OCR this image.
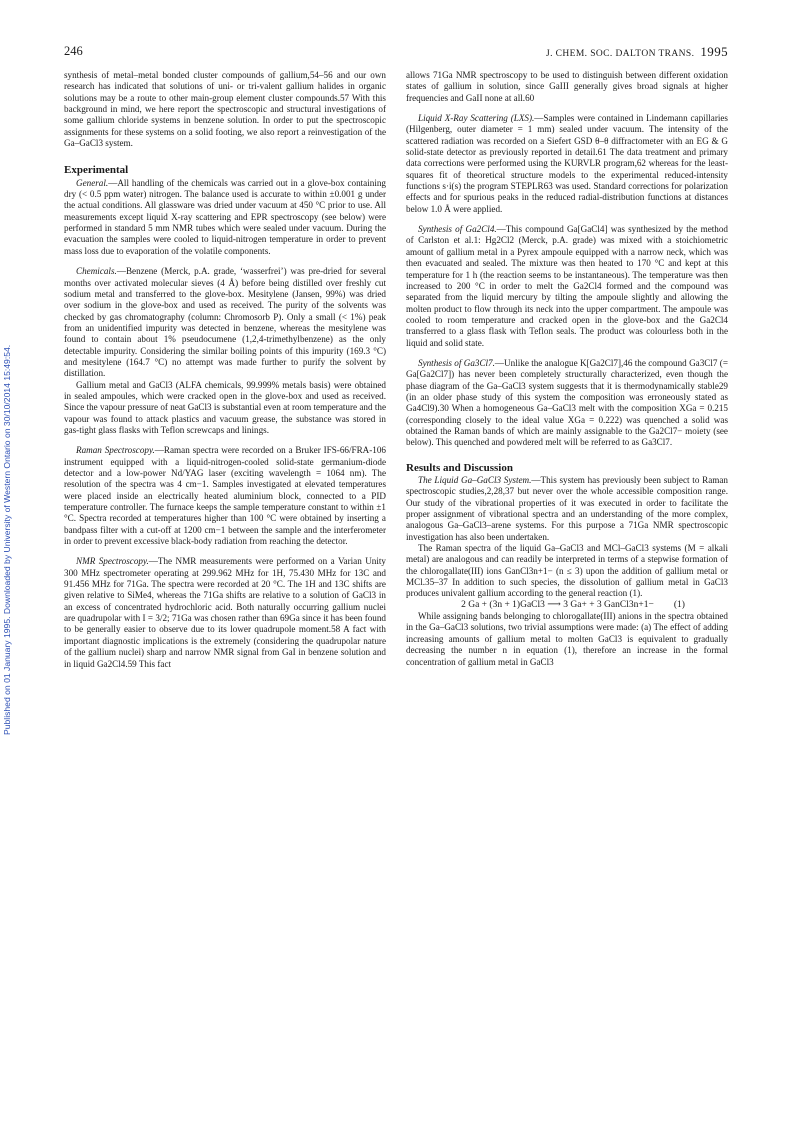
246	J. CHEM. SOC. DALTON TRANS. 1995
Published on 01 January 1995. Downloaded by University of Western Ontario on 30/10/2014 15:49:54.

synthesis of metal–metal bonded cluster compounds of gallium,54–56 and our own research has indicated that solutions of uni- or tri-valent gallium halides in organic solutions may be a route to other main-group element cluster compounds.57 With this background in mind, we here report the spectroscopic and structural investigations of some gallium chloride systems in benzene solution. In order to put the spectroscopic assignments for these systems on a solid footing, we also report a reinvestigation of the Ga–GaCl3 system.

Experimental

General.—All handling of the chemicals was carried out in a glove-box containing dry (< 0.5 ppm water) nitrogen. The balance used is accurate to within ±0.001 g under the actual conditions. All glassware was dried under vacuum at 450 °C prior to use. All measurements except liquid X-ray scattering and EPR spectroscopy (see below) were performed in standard 5 mm NMR tubes which were sealed under vacuum. During the evacuation the samples were cooled to liquid-nitrogen temperature in order to prevent mass loss due to evaporation of the volatile components.

Chemicals.—Benzene (Merck, p.A. grade, ‘wasserfrei’) was pre-dried for several months over activated molecular sieves (4 Å) before being distilled over freshly cut sodium metal and transferred to the glove-box. Mesitylene (Jansen, 99%) was dried over sodium in the glove-box and used as received. The purity of the solvents was checked by gas chromatography (column: Chromosorb P). Only a small (< 1%) peak from an unidentified impurity was detected in benzene, whereas the mesitylene was found to contain about 1% pseudocumene (1,2,4-trimethylbenzene) as the only detectable impurity. Considering the similar boiling points of this impurity (169.3 °C) and mesitylene (164.7 °C) no attempt was made further to purify the solvent by distillation.

Gallium metal and GaCl3 (ALFA chemicals, 99.999% metals basis) were obtained in sealed ampoules, which were cracked open in the glove-box and used as received. Since the vapour pressure of neat GaCl3 is substantial even at room temperature and the vapour was found to attack plastics and vacuum grease, the substance was stored in gas-tight glass flasks with Teflon screwcaps and linings.

Raman Spectroscopy.—Raman spectra were recorded on a Bruker IFS-66/FRA-106 instrument equipped with a liquid-nitrogen-cooled solid-state germanium-diode detector and a low-power Nd/YAG laser (exciting wavelength = 1064 nm). The resolution of the spectra was 4 cm−1. Samples investigated at elevated temperatures were placed inside an electrically heated aluminium block, connected to a PID temperature controller. The furnace keeps the sample temperature constant to within ±1 °C. Spectra recorded at temperatures higher than 100 °C were obtained by inserting a bandpass filter with a cut-off at 1200 cm−1 between the sample and the interferometer in order to prevent excessive black-body radiation from reaching the detector.

NMR Spectroscopy.—The NMR measurements were performed on a Varian Unity 300 MHz spectrometer operating at 299.962 MHz for 1H, 75.430 MHz for 13C and 91.456 MHz for 71Ga. The spectra were recorded at 20 °C. The 1H and 13C shifts are given relative to SiMe4, whereas the 71Ga shifts are relative to a solution of GaCl3 in an excess of concentrated hydrochloric acid. Both naturally occurring gallium nuclei are quadrupolar with I = 3/2; 71Ga was chosen rather than 69Ga since it has been found to be generally easier to observe due to its lower quadrupole moment.58 A fact with important diagnostic implications is the extremely (considering the quadrupolar nature of the gallium nuclei) sharp and narrow NMR signal from GaI in benzene solution and in liquid Ga2Cl4.59 This fact

allows 71Ga NMR spectroscopy to be used to distinguish between different oxidation states of gallium in solution, since GaIII generally gives broad signals at higher frequencies and GaII none at all.60

Liquid X-Ray Scattering (LXS).—Samples were contained in Lindemann capillaries (Hilgenberg, outer diameter = 1 mm) sealed under vacuum. The intensity of the scattered radiation was recorded on a Siefert GSD θ–θ diffractometer with an EG & G solid-state detector as previously reported in detail.61 The data treatment and primary data corrections were performed using the KURVLR program,62 whereas for the least-squares fit of theoretical structure models to the experimental reduced-intensity functions s·i(s) the program STEPLR63 was used. Standard corrections for polarization effects and for spurious peaks in the reduced radial-distribution functions at distances below 1.0 Å were applied.

Synthesis of Ga2Cl4.—This compound Ga[GaCl4] was synthesized by the method of Carlston et al.1: Hg2Cl2 (Merck, p.A. grade) was mixed with a stoichiometric amount of gallium metal in a Pyrex ampoule equipped with a narrow neck, which was then evacuated and sealed. The mixture was then heated to 170 °C and kept at this temperature for 1 h (the reaction seems to be instantaneous). The temperature was then increased to 200 °C in order to melt the Ga2Cl4 formed and the compound was separated from the liquid mercury by tilting the ampoule slightly and allowing the molten product to flow through its neck into the upper compartment. The ampoule was cooled to room temperature and cracked open in the glove-box and the Ga2Cl4 transferred to a glass flask with Teflon seals. The product was colourless both in the liquid and solid state.

Synthesis of Ga3Cl7.—Unlike the analogue K[Ga2Cl7],46 the compound Ga3Cl7 (= Ga[Ga2Cl7]) has never been completely structurally characterized, even though the phase diagram of the Ga–GaCl3 system suggests that it is thermodynamically stable29 (in an older phase study of this system the composition was erroneously stated as Ga4Cl9).30 When a homogeneous Ga–GaCl3 melt with the composition XGa = 0.215 (corresponding closely to the ideal value XGa = 0.222) was quenched a solid was obtained the Raman bands of which are mainly assignable to the Ga2Cl7− moiety (see below). This quenched and powdered melt will be referred to as Ga3Cl7.

Results and Discussion

The Liquid Ga–GaCl3 System.—This system has previously been subject to Raman spectroscopic studies,2,28,37 but never over the whole accessible composition range. Our study of the vibrational properties of it was executed in order to facilitate the proper assignment of vibrational spectra and an understanding of the more complex, analogous Ga–GaCl3–arene systems. For this purpose a 71Ga NMR spectroscopic investigation has also been undertaken.

The Raman spectra of the liquid Ga–GaCl3 and MCl–GaCl3 systems (M = alkali metal) are analogous and can readily be interpreted in terms of a stepwise formation of the chlorogallate(III) ions GanCl3n+1− (n ≤ 3) upon the addition of gallium metal or MCl.35–37 In addition to such species, the dissolution of gallium metal in GaCl3 produces univalent gallium according to the general reaction (1).

2 Ga + (3n + 1)GaCl3 ⟶ 3 Ga+ + 3 GanCl3n+1− (1)

While assigning bands belonging to chlorogallate(III) anions in the spectra obtained in the Ga–GaCl3 solutions, two trivial assumptions were made: (a) The effect of adding increasing amounts of gallium metal to molten GaCl3 is equivalent to gradually decreasing the number n in equation (1), therefore an increase in the formal concentration of gallium metal in GaCl3
